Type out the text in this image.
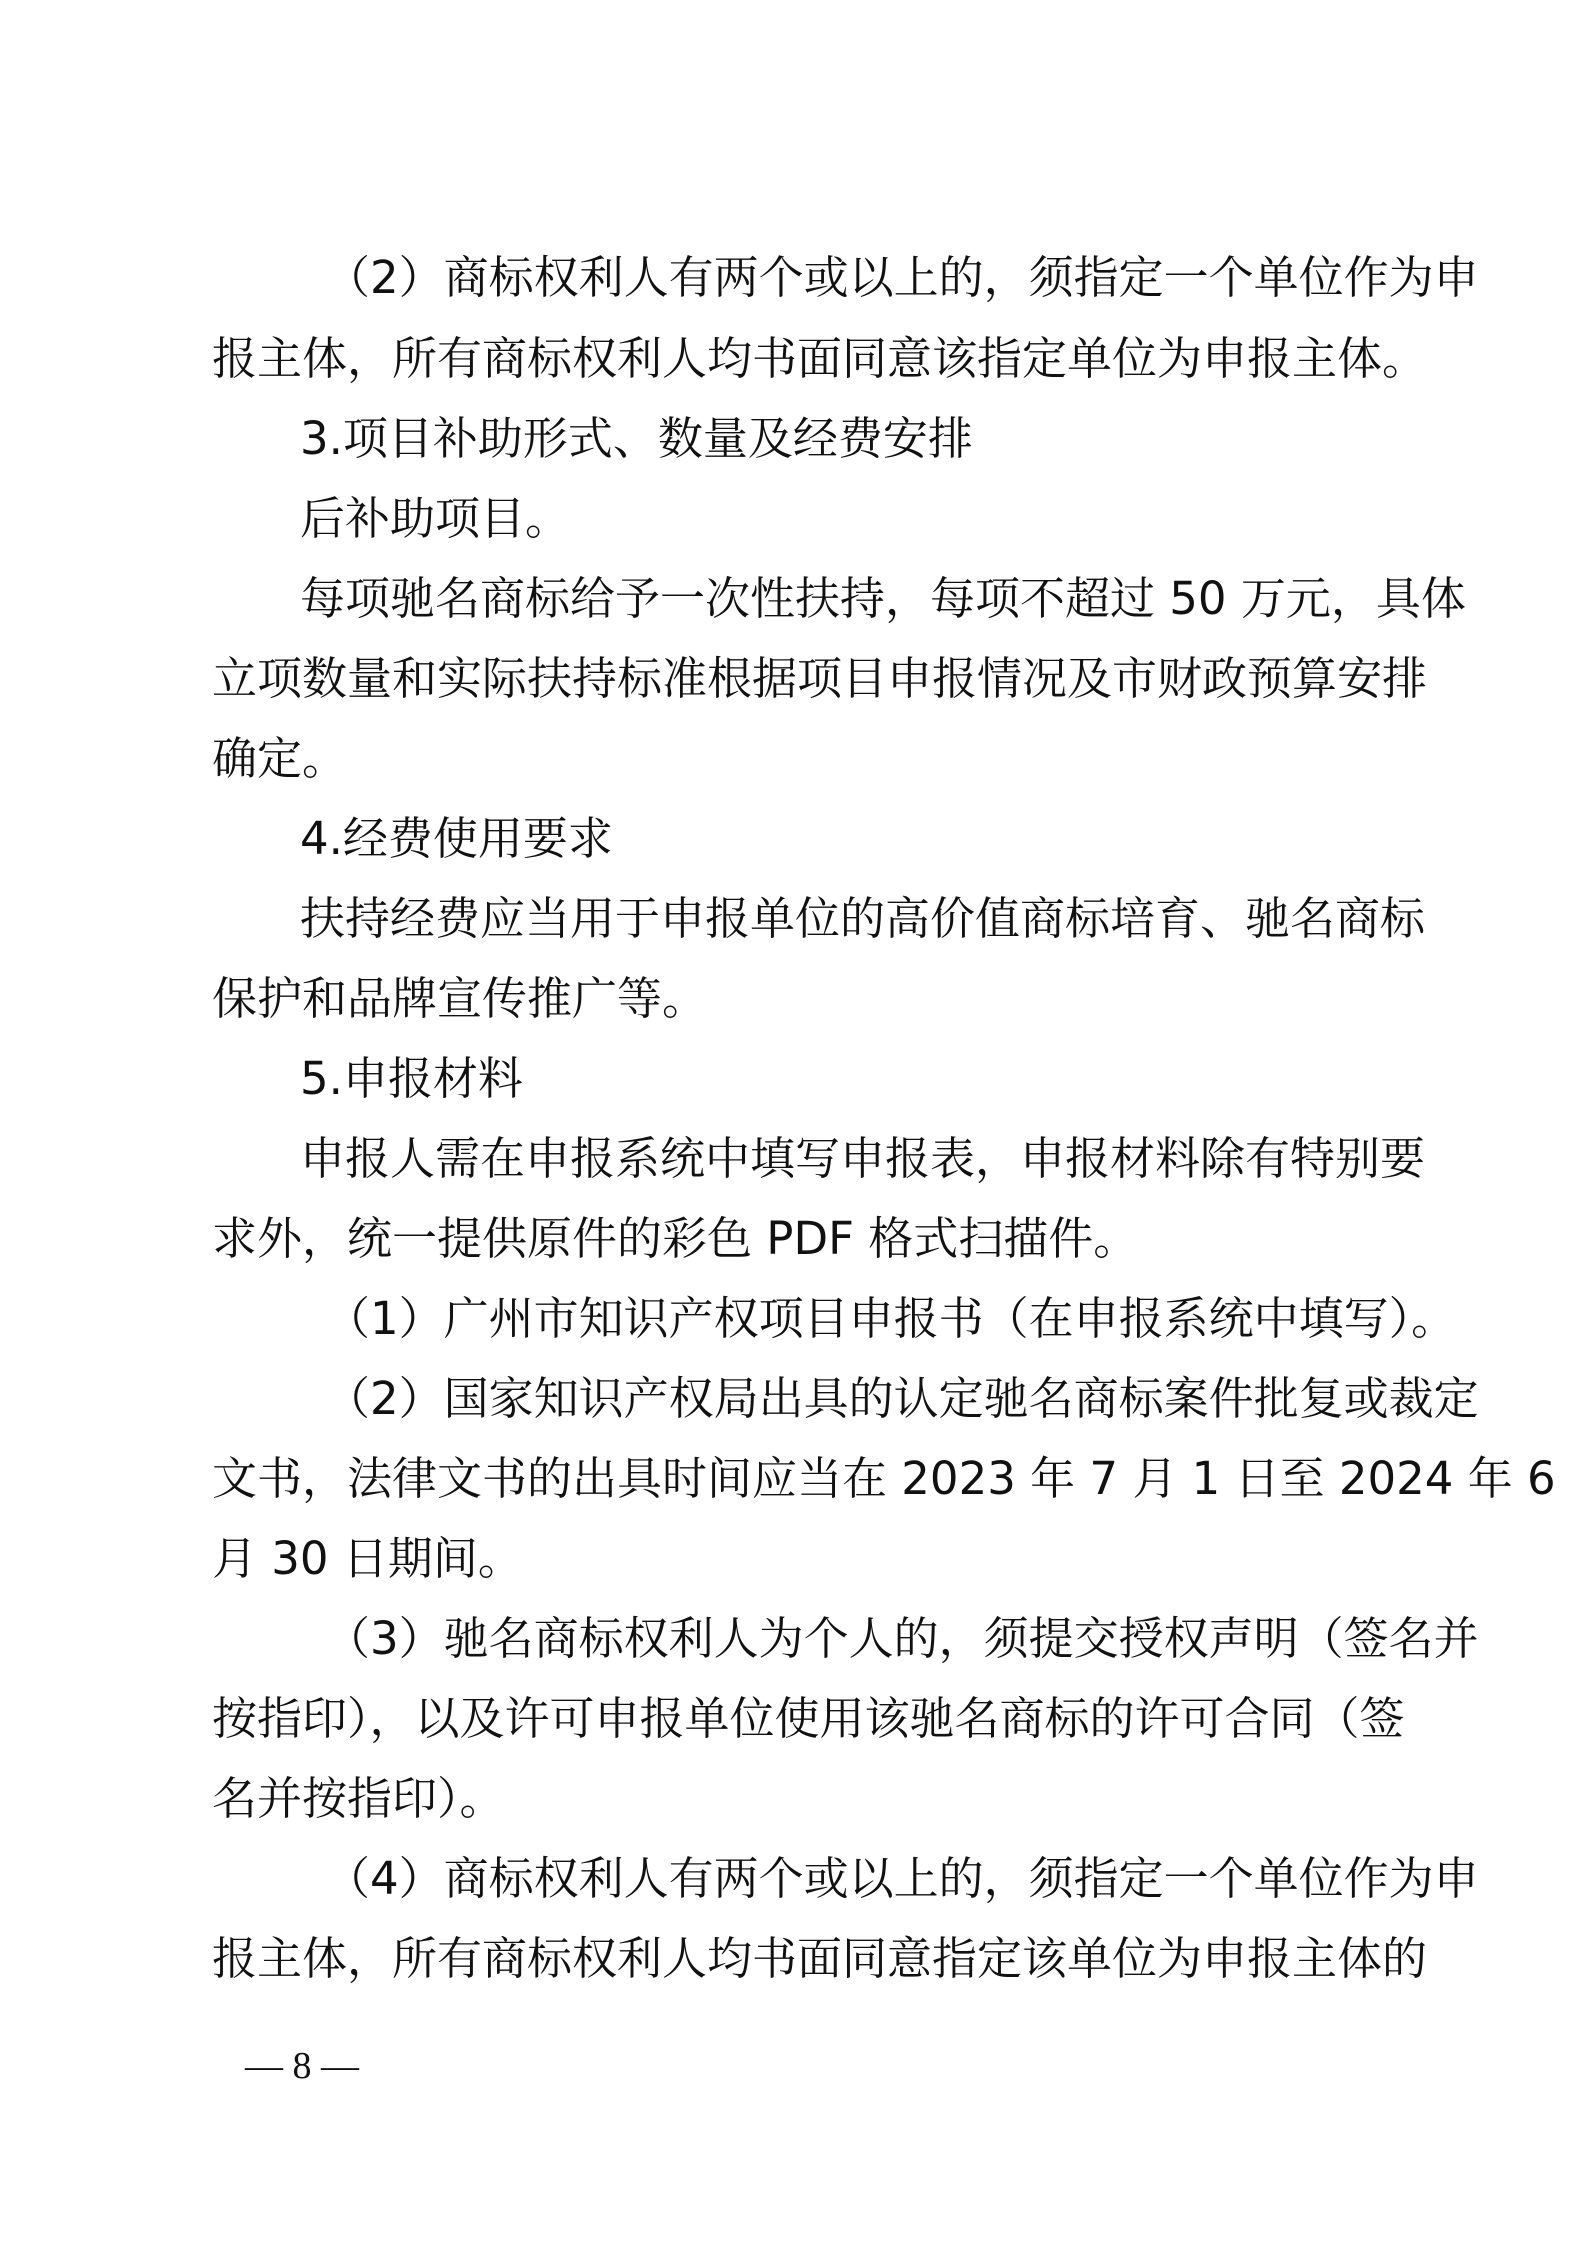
（2）商标权利人有两个或以上的，须指定一个单位作为申

报主体，所有商标权利人均书面同意该指定单位为申报主体。

3.项目补助形式、数量及经费安排

后补助项目。

每项驰名商标给予一次性扶持，每项不超过 50 万元，具体

立项数量和实际扶持标准根据项目申报情况及市财政预算安排

确定。

4.经费使用要求

扶持经费应当用于申报单位的高价值商标培育、驰名商标

保护和品牌宣传推广等。

5.申报材料

申报人需在申报系统中填写申报表，申报材料除有特别要

求外，统一提供原件的彩色 PDF 格式扫描件。

（1）广州市知识产权项目申报书（在申报系统中填写）。

（2）国家知识产权局出具的认定驰名商标案件批复或裁定

文书，法律文书的出具时间应当在 2023 年 7 月 1 日至 2024 年 6

月 30 日期间。

（3）驰名商标权利人为个人的，须提交授权声明（签名并

按指印），以及许可申报单位使用该驰名商标的许可合同（签

名并按指印）。

（4）商标权利人有两个或以上的，须指定一个单位作为申

报主体，所有商标权利人均书面同意指定该单位为申报主体的

— 8 —
